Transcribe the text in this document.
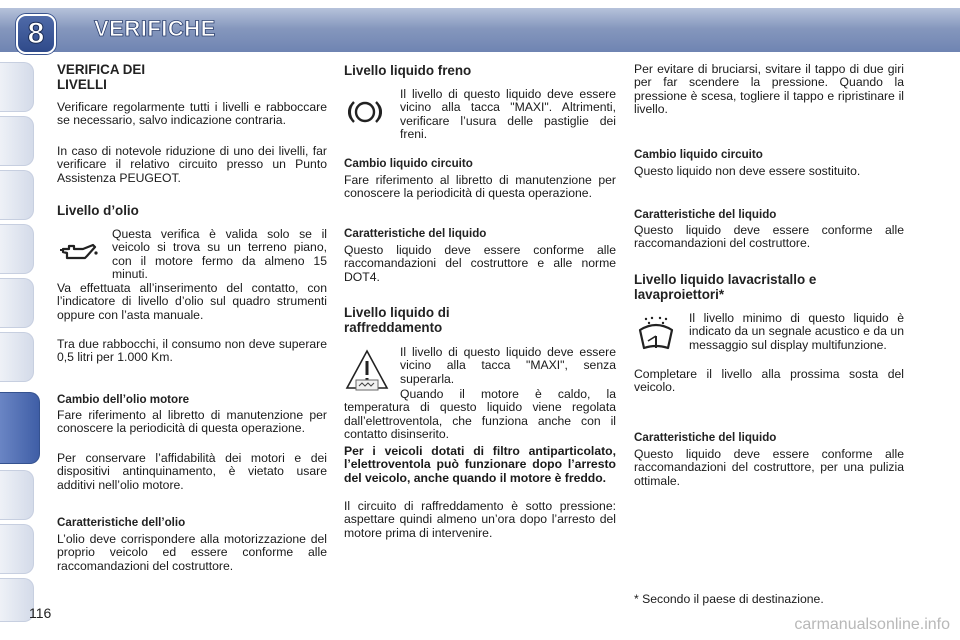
8 VERIFICHE
VERIFICA DEI
LIVELLI

Verificare regolarmente tutti i livelli e rabboccare se necessario, salvo indicazione contraria.

In caso di notevole riduzione di uno dei livelli, far verificare il relativo circuito presso un Punto Assistenza PEUGEOT.

Livello d’olio

Questa verifica è valida solo se il veicolo si trova su un terreno piano, con il motore fermo da almeno 15 minuti.

Va effettuata all’inserimento del contatto, con l’indicatore di livello d’olio sul quadro strumenti oppure con l’asta manuale.

Tra due rabbocchi, il consumo non deve superare 0,5 litri per 1.000 Km.

Cambio dell’olio motore

Fare riferimento al libretto di manutenzione per conoscere la periodicità di questa operazione.

Per conservare l’affidabilità dei motori e dei dispositivi antinquinamento, è vietato usare additivi nell’olio motore.

Caratteristiche dell’olio

L’olio deve corrispondere alla motorizzazione del proprio veicolo ed essere conforme alle raccomandazioni del costruttore.

Livello liquido freno

Il livello di questo liquido deve essere vicino alla tacca "MAXI". Altrimenti, verificare l’usura delle pastiglie dei freni.

Cambio liquido circuito

Fare riferimento al libretto di manutenzione per conoscere la periodicità di questa operazione.

Caratteristiche del liquido

Questo liquido deve essere conforme alle raccomandazioni del costruttore e alle norme DOT4.

Livello liquido di
raffreddamento

Il livello di questo liquido deve essere vicino alla tacca "MAXI", senza superarla.

Quando il motore è caldo, la temperatura di questo liquido viene regolata dall’elettroventola, che funziona anche con il contatto disinserito.

Per i veicoli dotati di filtro antiparticolato, l’elettroventola può funzionare dopo l’arresto del veicolo, anche quando il motore è freddo.

Il circuito di raffreddamento è sotto pressione: aspettare quindi almeno un’ora dopo l’arresto del motore prima di intervenire.

Per evitare di bruciarsi, svitare il tappo di due giri per far scendere la pressione. Quando la pressione è scesa, togliere il tappo e ripristinare il livello.

Cambio liquido circuito

Questo liquido non deve essere sostituito.

Caratteristiche del liquido

Questo liquido deve essere conforme alle raccomandazioni del costruttore.

Livello liquido lavacristallo e
lavaproiettori*

Il livello minimo di questo liquido è indicato da un segnale acustico e da un messaggio sul display multifunzione.

Completare il livello alla prossima sosta del veicolo.

Caratteristiche del liquido

Questo liquido deve essere conforme alle raccomandazioni del costruttore, per una pulizia ottimale.

* Secondo il paese di destinazione.
116
carmanualsonline.info
